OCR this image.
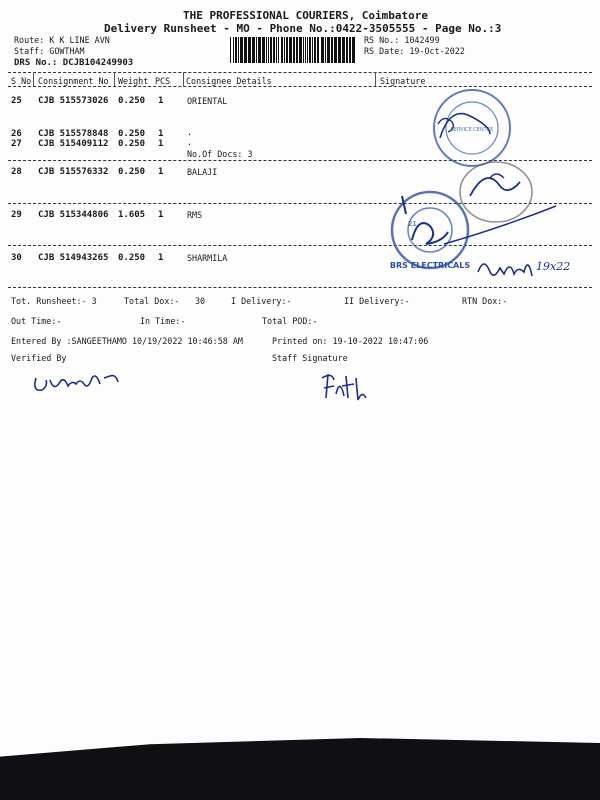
THE PROFESSIONAL COURIERS, Coimbatore
Delivery Runsheet - MO - Phone No.:0422-3505555 - Page No.:3
Route: K K LINE AVN
Staff: GOWTHAM
DRS No.: DCJB104249903
RS No.: 1042499
RS Date: 19-Oct-2022
S No Consignment No Weight PCS Consignee Details	Signature
25 CJB 515573026 0.250 1	ORIENTAL
26 CJB 515578848 0.250 1	.
27 CJB 515409112 0.250 1	.
No.Of Docs: 3
28 CJB 515576332 0.250 1	BALAJI
29 CJB 515344806 1.605 1	RMS
30 CJB 514943265 0.250 1	SHARMILA
Tot. Runsheet:- 3	Total Dox:- 30	I Delivery:-	II Delivery:-	RTN Dox:-
Out Time:-	In Time:-	Total POD:-
Entered By :SANGEETHAMO 10/19/2022 10:46:58 AM	Printed on: 19-10-2022 10:47:06
Verified By	Staff Signature
SERVICE CENTRE
BRS ELECTRICALS
21
19x22
